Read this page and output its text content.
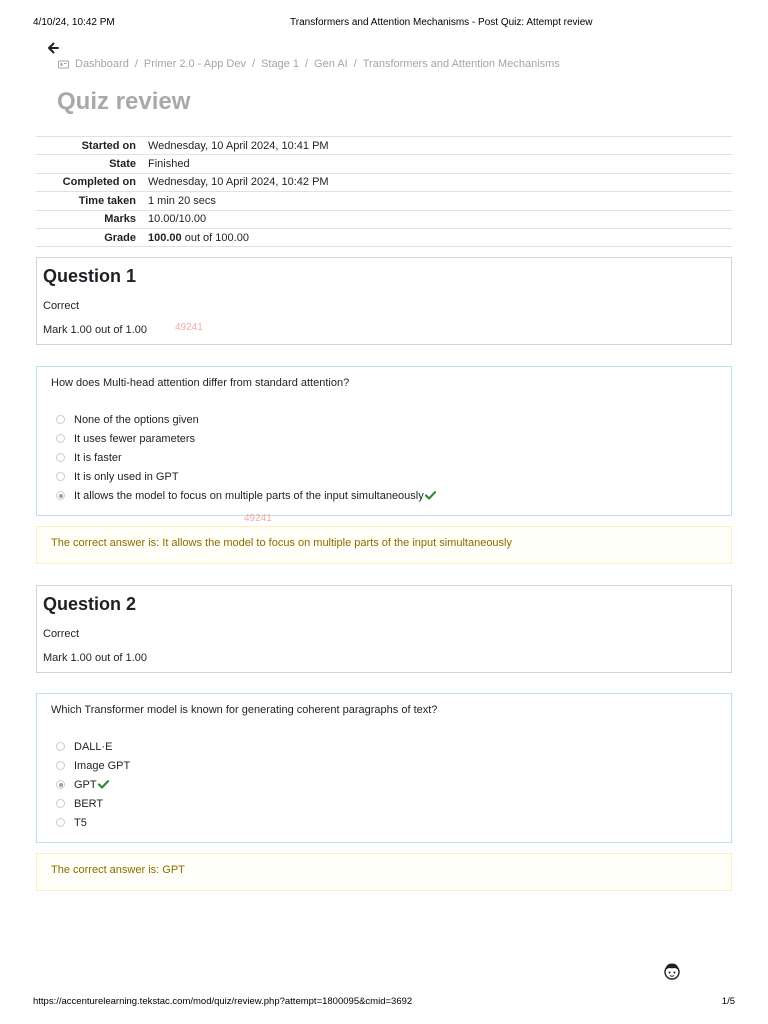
4/10/24, 10:42 PM	Transformers and Attention Mechanisms - Post Quiz: Attempt review
Dashboard / Primer 2.0 - App Dev / Stage 1 / Gen AI / Transformers and Attention Mechanisms
Quiz review
Started on	Wednesday, 10 April 2024, 10:41 PM
State	Finished
Completed on	Wednesday, 10 April 2024, 10:42 PM
Time taken	1 min 20 secs
Marks	10.00/10.00
Grade	100.00 out of 100.00
Question 1
Correct
Mark 1.00 out of 1.00	49241
How does Multi-head attention differ from standard attention?
None of the options given
It uses fewer parameters
It is faster
It is only used in GPT
It allows the model to focus on multiple parts of the input simultaneously
49241
The correct answer is: It allows the model to focus on multiple parts of the input simultaneously
Question 2
Correct
Mark 1.00 out of 1.00
Which Transformer model is known for generating coherent paragraphs of text?
DALL·E
Image GPT
GPT
BERT
T5
The correct answer is: GPT
https://accenturelearning.tekstac.com/mod/quiz/review.php?attempt=1800095&cmid=3692	1/5
